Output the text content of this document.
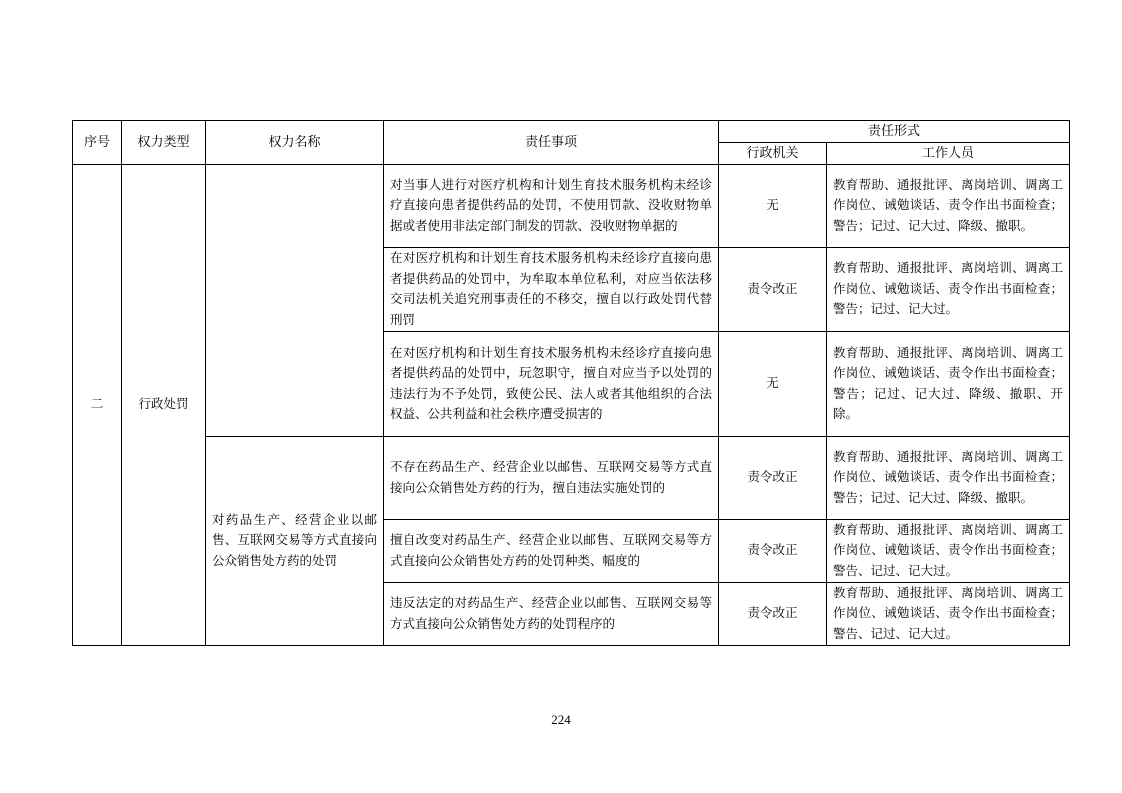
序号	权力类型	权力名称	责任事项	责任形式	
				行政机关	工作人员
二	行政处罚		对当事人进行对医疗机构和计划生育技术服务机构未经诊疗直接向患者提供药品的处罚，不使用罚款、没收财物单据或者使用非法定部门制发的罚款、没收财物单据的	无	教育帮助、通报批评、离岗培训、调离工作岗位、诫勉谈话、责令作出书面检查；警告；记过、记大过、降级、撤职。
			在对医疗机构和计划生育技术服务机构未经诊疗直接向患者提供药品的处罚中，为牟取本单位私利，对应当依法移交司法机关追究刑事责任的不移交，擅自以行政处罚代替刑罚	责令改正	教育帮助、通报批评、离岗培训、调离工作岗位、诫勉谈话、责令作出书面检查；警告；记过、记大过。
			在对医疗机构和计划生育技术服务机构未经诊疗直接向患者提供药品的处罚中，玩忽职守，擅自对应当予以处罚的违法行为不予处罚，致使公民、法人或者其他组织的合法权益、公共利益和社会秩序遭受损害的	无	教育帮助、通报批评、离岗培训、调离工作岗位、诫勉谈话、责令作出书面检查；警告；记过、记大过、降级、撤职、开除。
		对药品生产、经营企业以邮售、互联网交易等方式直接向公众销售处方药的处罚	不存在药品生产、经营企业以邮售、互联网交易等方式直接向公众销售处方药的行为，擅自违法实施处罚的	责令改正	教育帮助、通报批评、离岗培训、调离工作岗位、诫勉谈话、责令作出书面检查；警告；记过、记大过、降级、撤职。
			擅自改变对药品生产、经营企业以邮售、互联网交易等方式直接向公众销售处方药的处罚种类、幅度的	责令改正	教育帮助、通报批评、离岗培训、调离工作岗位、诫勉谈话、责令作出书面检查；警告、记过、记大过。
			违反法定的对药品生产、经营企业以邮售、互联网交易等方式直接向公众销售处方药的处罚程序的	责令改正	教育帮助、通报批评、离岗培训、调离工作岗位、诫勉谈话、责令作出书面检查；警告、记过、记大过。
224
